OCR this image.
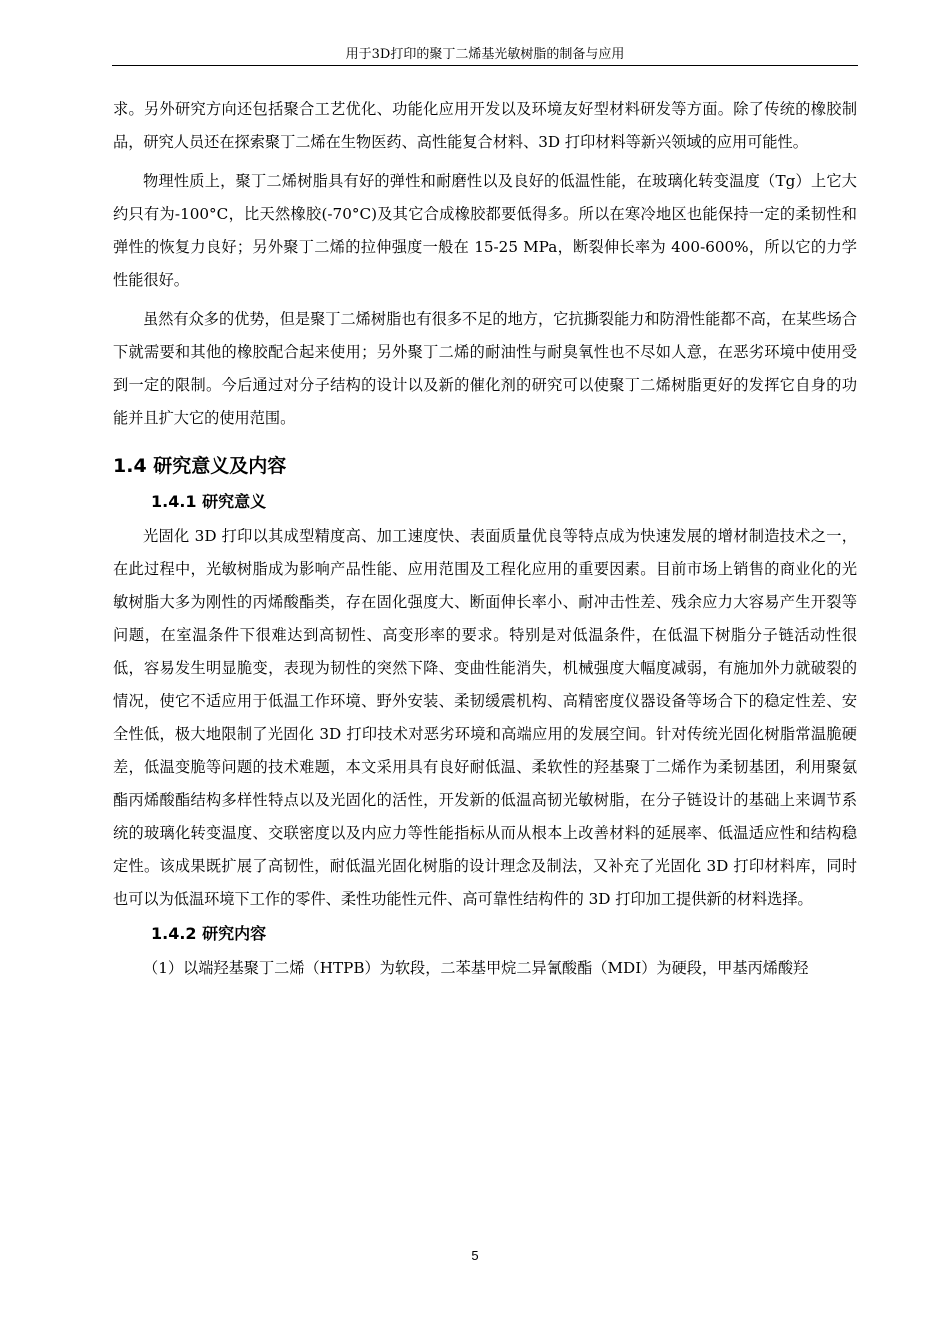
用于3D打印的聚丁二烯基光敏树脂的制备与应用

求。另外研究方向还包括聚合工艺优化、功能化应用开发以及环境友好型材料研发等方面。除了传统的橡胶制品，研究人员还在探索聚丁二烯在生物医药、高性能复合材料、3D 打印材料等新兴领域的应用可能性。

物理性质上，聚丁二烯树脂具有好的弹性和耐磨性以及良好的低温性能，在玻璃化转变温度（Tg）上它大约只有为-100°C，比天然橡胶(-70°C)及其它合成橡胶都要低得多。所以在寒冷地区也能保持一定的柔韧性和弹性的恢复力良好；另外聚丁二烯的拉伸强度一般在 15-25 MPa，断裂伸长率为 400-600%，所以它的力学性能很好。

虽然有众多的优势，但是聚丁二烯树脂也有很多不足的地方，它抗撕裂能力和防滑性能都不高，在某些场合下就需要和其他的橡胶配合起来使用；另外聚丁二烯的耐油性与耐臭氧性也不尽如人意，在恶劣环境中使用受到一定的限制。今后通过对分子结构的设计以及新的催化剂的研究可以使聚丁二烯树脂更好的发挥它自身的功能并且扩大它的使用范围。

1.4 研究意义及内容
1.4.1 研究意义

光固化 3D 打印以其成型精度高、加工速度快、表面质量优良等特点成为快速发展的增材制造技术之一，在此过程中，光敏树脂成为影响产品性能、应用范围及工程化应用的重要因素。目前市场上销售的商业化的光敏树脂大多为刚性的丙烯酸酯类，存在固化强度大、断面伸长率小、耐冲击性差、残余应力大容易产生开裂等问题，在室温条件下很难达到高韧性、高变形率的要求。特别是对低温条件，在低温下树脂分子链活动性很低，容易发生明显脆变，表现为韧性的突然下降、变曲性能消失，机械强度大幅度减弱，有施加外力就破裂的情况，使它不适应用于低温工作环境、野外安装、柔韧缓震机构、高精密度仪器设备等场合下的稳定性差、安全性低，极大地限制了光固化 3D 打印技术对恶劣环境和高端应用的发展空间。针对传统光固化树脂常温脆硬差，低温变脆等问题的技术难题，本文采用具有良好耐低温、柔软性的羟基聚丁二烯作为柔韧基团，利用聚氨酯丙烯酸酯结构多样性特点以及光固化的活性，开发新的低温高韧光敏树脂，在分子链设计的基础上来调节系统的玻璃化转变温度、交联密度以及内应力等性能指标从而从根本上改善材料的延展率、低温适应性和结构稳定性。该成果既扩展了高韧性，耐低温光固化树脂的设计理念及制法，又补充了光固化 3D 打印材料库，同时也可以为低温环境下工作的零件、柔性功能性元件、高可靠性结构件的 3D 打印加工提供新的材料选择。

1.4.2 研究内容

（1）以端羟基聚丁二烯（HTPB）为软段，二苯基甲烷二异氰酸酯（MDI）为硬段，甲基丙烯酸羟

5
